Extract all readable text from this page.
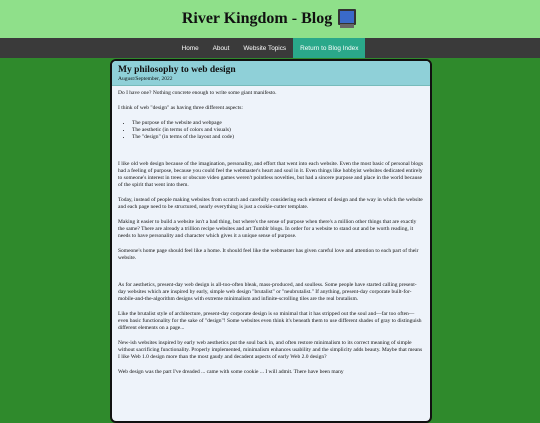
River Kingdom - Blog
Home	About	Website Topics	Return to Blog Index
My philosophy to web design
August/September, 2022

Do I have one? Nothing concrete enough to write some giant manifesto.

I think of web "design" as having three different aspects:

• The purpose of the website and webpage
• The aesthetic (in terms of colors and visuals)
• The "design" (in terms of the layout and code)

I like old web design because of the imagination, personality, and effort that went into each website. Even the most basic of personal blogs had a feeling of purpose, because you could feel the webmaster's heart and soul in it. Even things like hobbyist websites dedicated entirely to someone's interest in trees or obscure video games weren't pointless novelties, but had a sincere purpose and place in the world because of the spirit that went into them.

Today, instead of people making websites from scratch and carefully considering each element of design and the way in which the website and each page need to be structured, nearly everything is just a cookie-cutter template.

Making it easier to build a website isn't a bad thing, but where's the sense of purpose when there's a million other things that are exactly the same? There are already a trillion recipe websites and art Tumblr blogs. In order for a website to stand out and be worth reading, it needs to have personality and character which gives it a unique sense of purpose.

Someone's home page should feel like a home. It should feel like the webmaster has given careful love and attention to each part of their website.

As for aesthetics, present-day web design is all-too-often bleak, mass-produced, and soulless. Some people have started calling present-day websites which are inspired by early, simple web design "brutalist" or "neubrutalist." If anything, present-day corporate built-for-mobile-and-the-algorithm designs with extreme minimalism and infinite-scrolling tiles are the real brutalism.

Like the brutalist style of architecture, present-day corporate design is so minimal that it has stripped out the soul and—far too often—even basic functionality for the sake of "design"! Some websites even think it's beneath them to use different shades of gray to distinguish different elements on a page...

New-ish websites inspired by early web aesthetics put the soul back in, and often restore minimalism to its correct meaning of simple without sacrificing functionality. Properly implemented, minimalism enhances usability and the simplicity adds beauty. Maybe that means I like Web 1.0 design more than the most gaudy and decadent aspects of early Web 2.0 design?

Web design was the part I've dreaded ... came with some cookie ... I will admit. There have been many
